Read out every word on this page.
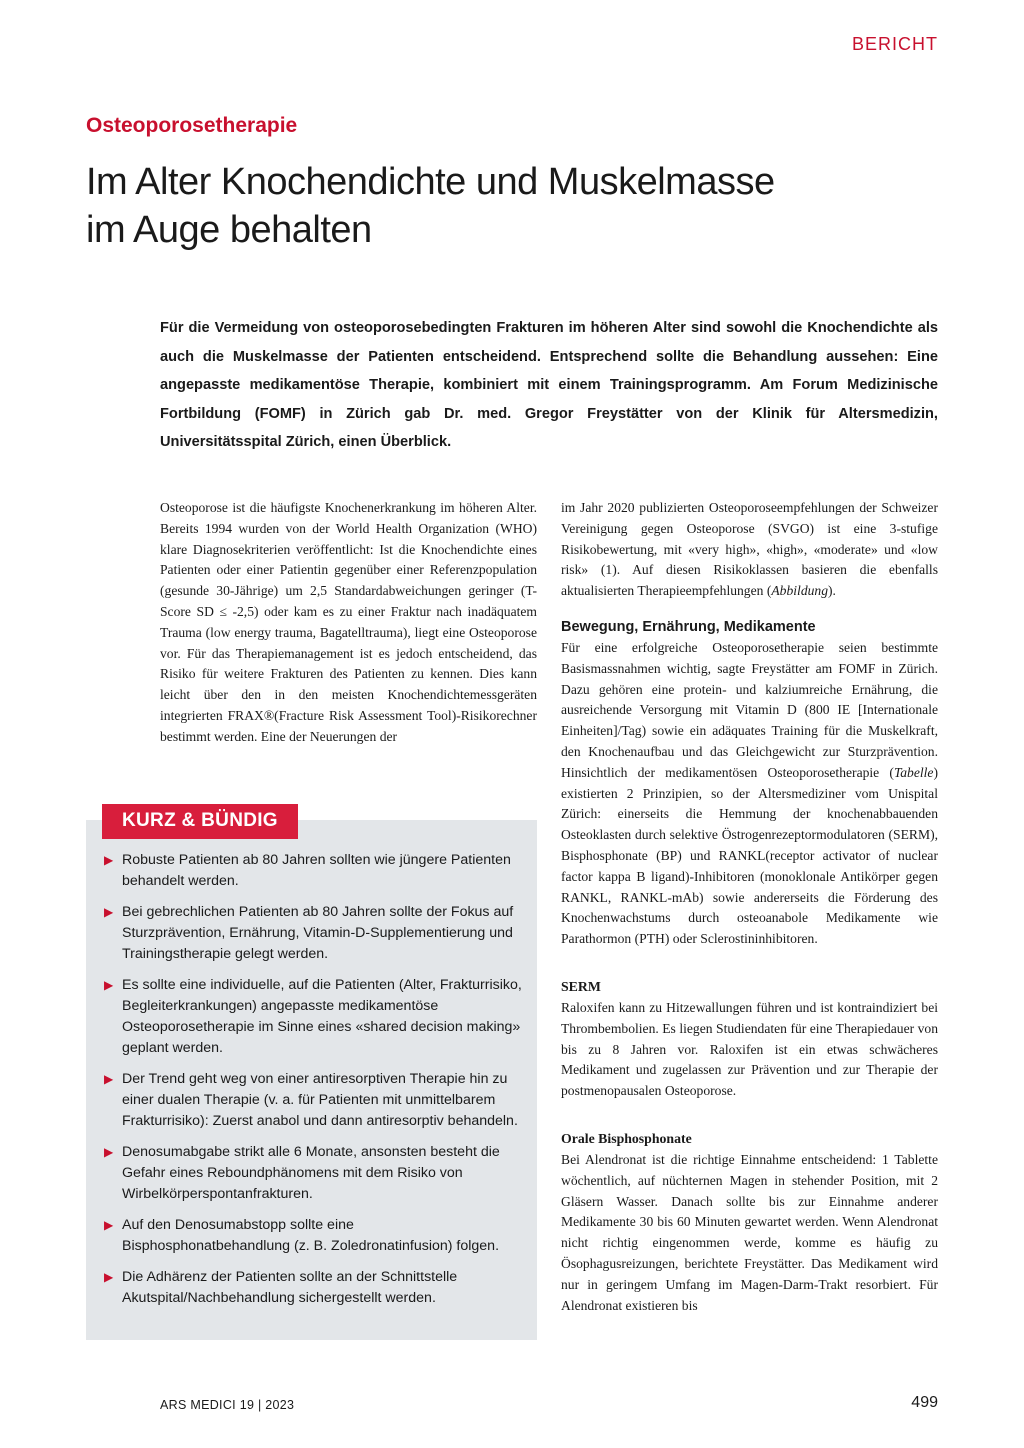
BERICHT
Osteoporosetherapie
Im Alter Knochendichte und Muskelmasse
im Auge behalten

Für die Vermeidung von osteoporosebedingten Frakturen im höheren Alter sind sowohl die Knochendichte als auch die Muskelmasse der Patienten entscheidend. Entsprechend sollte die Behandlung aussehen: Eine angepasste medikamentöse Therapie, kombiniert mit einem Trainingsprogramm. Am Forum Medizinische Fortbildung (FOMF) in Zürich gab Dr. med. Gregor Freystätter von der Klinik für Altersmedizin, Universitätsspital Zürich, einen Überblick.

Osteoporose ist die häufigste Knochenerkrankung im höheren Alter. Bereits 1994 wurden von der World Health Organization (WHO) klare Diagnosekriterien veröffentlicht: Ist die Knochendichte eines Patienten oder einer Patientin gegenüber einer Referenzpopulation (gesunde 30-Jährige) um 2,5 Standardabweichungen geringer (T-Score SD ≤ -2,5) oder kam es zu einer Fraktur nach inadäquatem Trauma (low energy trauma, Bagatelltrauma), liegt eine Osteoporose vor. Für das Therapiemanagement ist es jedoch entscheidend, das Risiko für weitere Frakturen des Patienten zu kennen. Dies kann leicht über den in den meisten Knochendichtemessgeräten integrierten FRAX®(Fracture Risk Assessment Tool)-Risikorechner bestimmt werden. Eine der Neuerungen der

im Jahr 2020 publizierten Osteoporoseempfehlungen der Schweizer Vereinigung gegen Osteoporose (SVGO) ist eine 3-stufige Risikobewertung, mit «very high», «high», «moderate» und «low risk» (1). Auf diesen Risikoklassen basieren die ebenfalls aktualisierten Therapieempfehlungen (Abbildung).

Bewegung, Ernährung, Medikamente

Für eine erfolgreiche Osteoporosetherapie seien bestimmte Basismassnahmen wichtig, sagte Freystätter am FOMF in Zürich. Dazu gehören eine protein- und kalziumreiche Ernährung, die ausreichende Versorgung mit Vitamin D (800 IE [Internationale Einheiten]/Tag) sowie ein adäquates Training für die Muskelkraft, den Knochenaufbau und das Gleichgewicht zur Sturzprävention. Hinsichtlich der medikamentösen Osteoporosetherapie (Tabelle) existierten 2 Prinzipien, so der Altersmediziner vom Unispital Zürich: einerseits die Hemmung der knochenabbauenden Osteoklasten durch selektive Östrogenrezeptormodulatoren (SERM), Bisphosphonate (BP) und RANKL(receptor activator of nuclear factor kappa B ligand)-Inhibitoren (monoklonale Antikörper gegen RANKL, RANKL-mAb) sowie andererseits die Förderung des Knochenwachstums durch osteoanabole Medikamente wie Parathormon (PTH) oder Sclerostininhibitoren.

SERM

Raloxifen kann zu Hitzewallungen führen und ist kontraindiziert bei Thrombembolien. Es liegen Studiendaten für eine Therapiedauer von bis zu 8 Jahren vor. Raloxifen ist ein etwas schwächeres Medikament und zugelassen zur Prävention und zur Therapie der postmenopausalen Osteoporose.

Orale Bisphosphonate

Bei Alendronat ist die richtige Einnahme entscheidend: 1 Tablette wöchentlich, auf nüchternen Magen in stehender Position, mit 2 Gläsern Wasser. Danach sollte bis zur Einnahme anderer Medikamente 30 bis 60 Minuten gewartet werden. Wenn Alendronat nicht richtig eingenommen werde, komme es häufig zu Ösophagusreizungen, berichtete Freystätter. Das Medikament wird nur in geringem Umfang im Magen-Darm-Trakt resorbiert. Für Alendronat existieren bis

KURZ & BÜNDIG
▶ Robuste Patienten ab 80 Jahren sollten wie jüngere Patienten behandelt werden.
▶ Bei gebrechlichen Patienten ab 80 Jahren sollte der Fokus auf Sturzprävention, Ernährung, Vitamin-D-Supplementierung und Trainingstherapie gelegt werden.
▶ Es sollte eine individuelle, auf die Patienten (Alter, Frakturrisiko, Begleiterkrankungen) angepasste medikamentöse Osteoporosetherapie im Sinne eines «shared decision making» geplant werden.
▶ Der Trend geht weg von einer antiresorptiven Therapie hin zu einer dualen Therapie (v. a. für Patienten mit unmittelbarem Frakturrisiko): Zuerst anabol und dann antiresorptiv behandeln.
▶ Denosumabgabe strikt alle 6 Monate, ansonsten besteht die Gefahr eines Reboundphänomens mit dem Risiko von Wirbelkörperspontanfrakturen.
▶ Auf den Denosumabstopp sollte eine Bisphosphonatbehandlung (z. B. Zoledronatinfusion) folgen.
▶ Die Adhärenz der Patienten sollte an der Schnittstelle Akutspital/Nachbehandlung sichergestellt werden.
ARS MEDICI 19 | 2023	499
